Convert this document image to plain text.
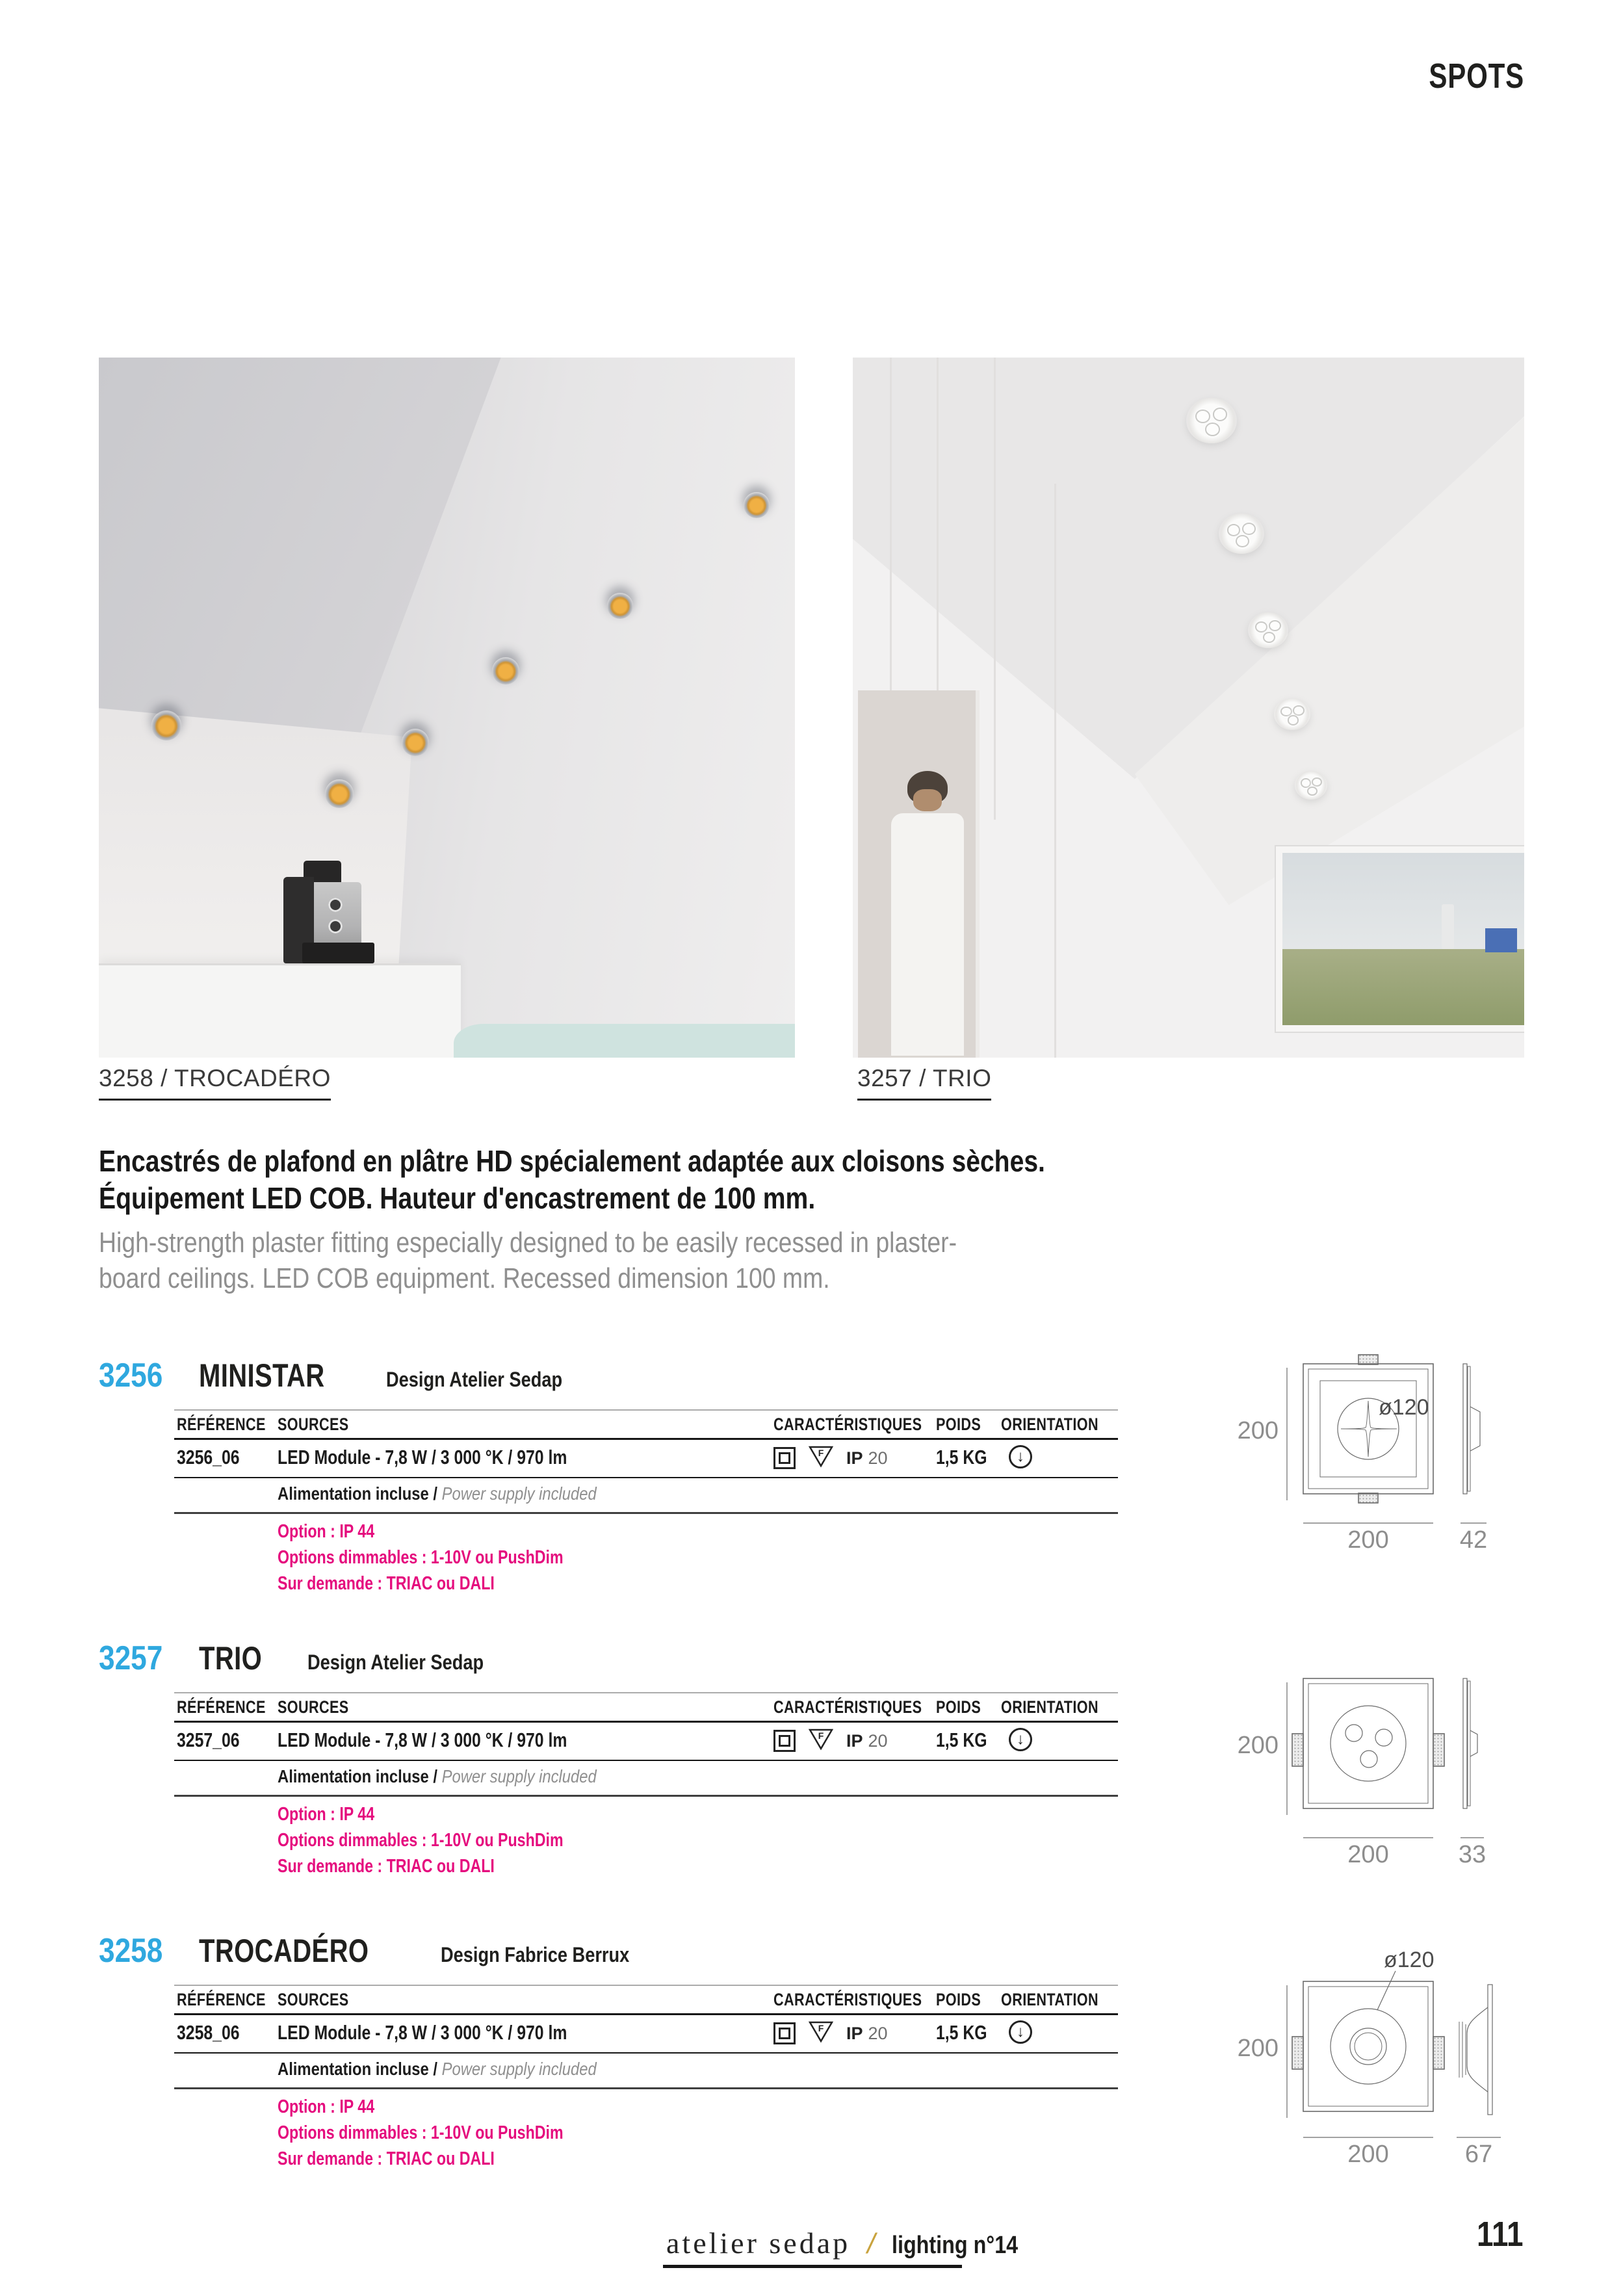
SPOTS
3258 / TROCADÉRO	3257 / TRIO
Encastrés de plafond en plâtre HD spécialement adaptée aux cloisons sèches. Équipement LED COB. Hauteur d'encastrement de 100 mm.
High-strength plaster fitting especially designed to be easily recessed in plaster- board ceilings. LED COB equipment. Recessed dimension 100 mm.
3256 MINISTAR	Design Atelier Sedap
RÉFÉRENCE SOURCES	CARACTÉRISTIQUES POIDS ORIENTATION
3256_06 LED Module - 7,8 W / 3 000 °K / 970 lm	F IP 20 1,5 KG	↓
Alimentation incluse / Power supply included
Option : IP 44
Options dimmables : 1-10V ou PushDim
Sur demande : TRIAC ou DALI
3257 TRIO Design Atelier Sedap
RÉFÉRENCE SOURCES	CARACTÉRISTIQUES POIDS ORIENTATION
3257_06 LED Module - 7,8 W / 3 000 °K / 970 lm	F IP 20 1,5 KG	↓
Alimentation incluse / Power supply included
Option : IP 44
Options dimmables : 1-10V ou PushDim
Sur demande : TRIAC ou DALI
3258 TROCADÉRO	Design Fabrice Berrux
RÉFÉRENCE SOURCES	CARACTÉRISTIQUES POIDS ORIENTATION
3258_06 LED Module - 7,8 W / 3 000 °K / 970 lm	F IP 20 1,5 KG	↓
Alimentation incluse / Power supply included
Option : IP 44
Options dimmables : 1-10V ou PushDim
Sur demande : TRIAC ou DALI
200
200	42
ø120
200
200	33
200
200	67
ø120
atelier sedap / lighting n°14	111
